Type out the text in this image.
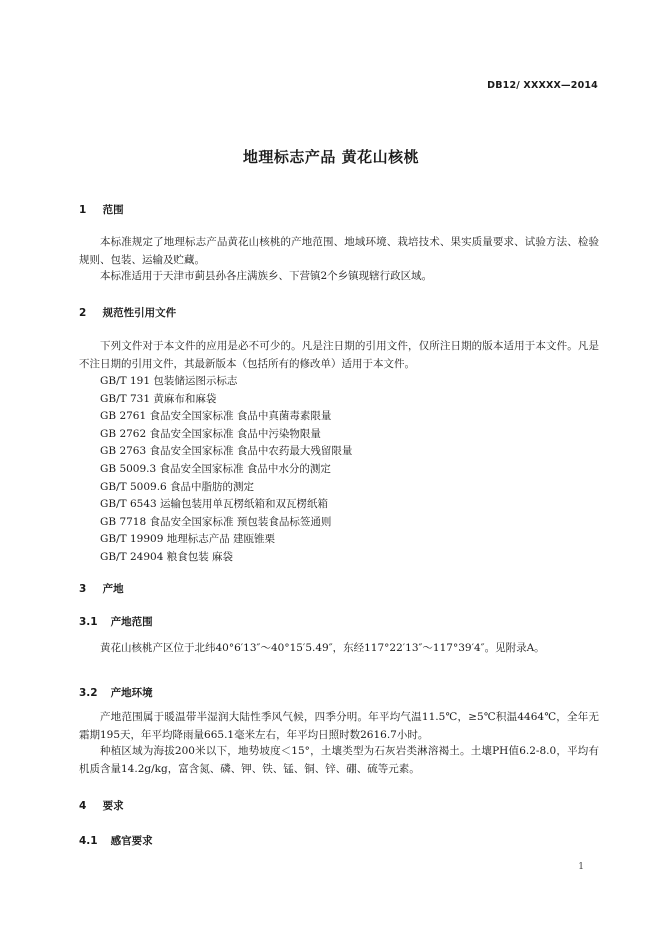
DB12/ XXXXX—2014
地理标志产品 黄花山核桃
1 范围
本标准规定了地理标志产品黄花山核桃的产地范围、地域环境、栽培技术、果实质量要求、试验方法、检验规则、包装、运输及贮藏。
本标准适用于天津市蓟县孙各庄满族乡、下营镇2个乡镇现辖行政区域。
2 规范性引用文件
下列文件对于本文件的应用是必不可少的。凡是注日期的引用文件，仅所注日期的版本适用于本文件。凡是不注日期的引用文件，其最新版本（包括所有的修改单）适用于本文件。
GB/T 191 包装储运图示标志
GB/T 731 黄麻布和麻袋
GB 2761 食品安全国家标准 食品中真菌毒素限量
GB 2762 食品安全国家标准 食品中污染物限量
GB 2763 食品安全国家标准 食品中农药最大残留限量
GB 5009.3 食品安全国家标准 食品中水分的测定
GB/T 5009.6 食品中脂肪的测定
GB/T 6543 运输包装用单瓦楞纸箱和双瓦楞纸箱
GB 7718 食品安全国家标准 预包装食品标签通则
GB/T 19909 地理标志产品 建瓯锥栗
GB/T 24904 粮食包装 麻袋
3 产地
3.1 产地范围
黄花山核桃产区位于北纬40°6′13″～40°15′5.49″，东经117°22′13″～117°39′4″。见附录A。
3.2 产地环境
产地范围属于暖温带半湿润大陆性季风气候，四季分明。年平均气温11.5℃，≥5℃积温4464℃，全年无霜期195天，年平均降雨量665.1毫米左右，年平均日照时数2616.7小时。
种植区域为海拔200米以下，地势坡度＜15°，土壤类型为石灰岩类淋溶褐土。土壤PH值6.2-8.0，平均有机质含量14.2g/kg，富含氮、磷、钾、铁、锰、铜、锌、硼、硫等元素。
4 要求
4.1 感官要求
1
